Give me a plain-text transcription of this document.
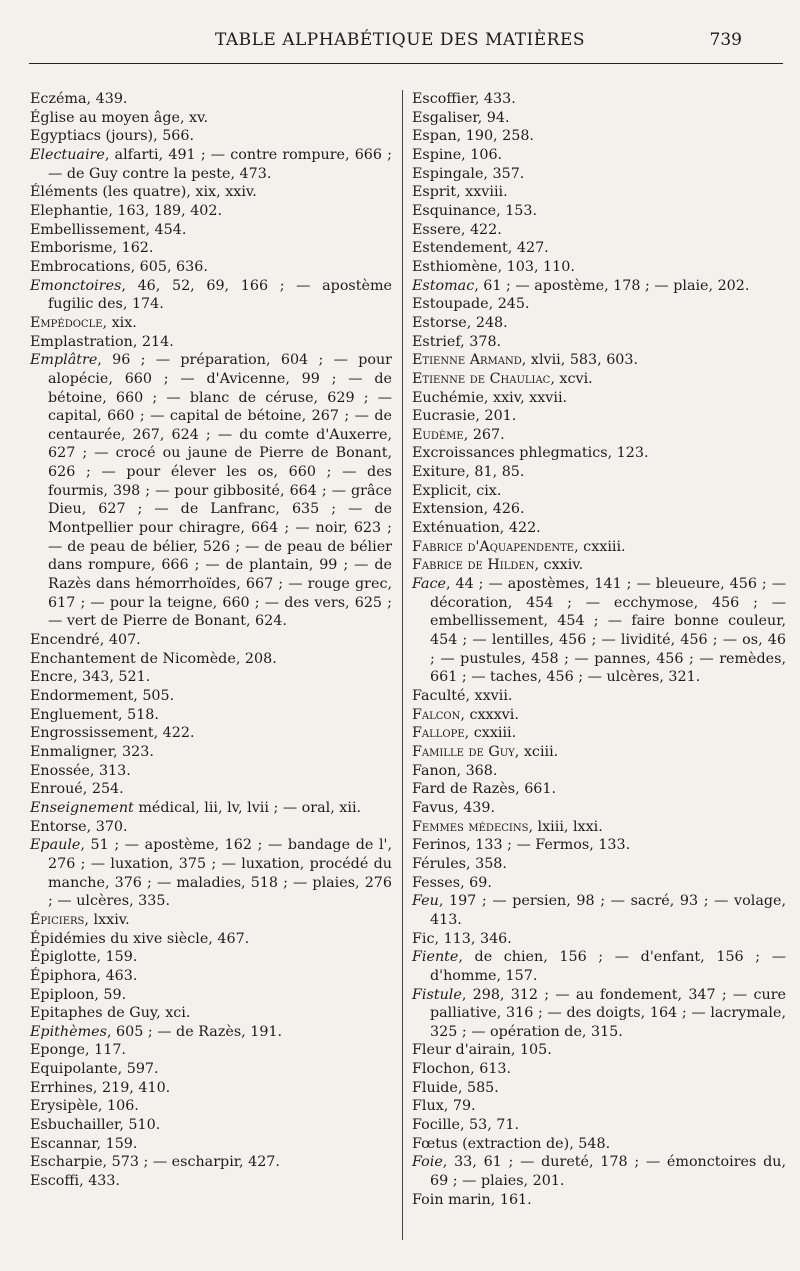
TABLE ALPHABÉTIQUE DES MATIÈRES	739
Eczéma, 439.
Église au moyen âge, xv.
Egyptiacs (jours), 566.
Electuaire, alfarti, 491 ; — contre rompure, 666 ; — de Guy contre la peste, 473.
Éléments (les quatre), xix, xxiv.
Elephantie, 163, 189, 402.
Embellissement, 454.
Emborisme, 162.
Embrocations, 605, 636.
Emonctoires, 46, 52, 69, 166 ; — apostème fugilic des, 174.
Empédocle, xix.
Emplastration, 214.
Emplâtre, 96 ; — préparation, 604 ; — pour alopécie, 660 ; — d'Avicenne, 99 ; — de bétoine, 660 ; — blanc de céruse, 629 ; — capital, 660 ; — capital de bétoine, 267 ; — de centaurée, 267, 624 ; — du comte d'Auxerre, 627 ; — crocé ou jaune de Pierre de Bonant, 626 ; — pour élever les os, 660 ; — des fourmis, 398 ; — pour gibbosité, 664 ; — grâce Dieu, 627 ; — de Lanfranc, 635 ; — de Montpellier pour chiragre, 664 ; — noir, 623 ; — de peau de bélier, 526 ; — de peau de bélier dans rompure, 666 ; — de plantain, 99 ; — de Razès dans hémorrhoïdes, 667 ; — rouge grec, 617 ; — pour la teigne, 660 ; — des vers, 625 ; — vert de Pierre de Bonant, 624.
Encendré, 407.
Enchantement de Nicomède, 208.
Encre, 343, 521.
Endormement, 505.
Engluement, 518.
Engrossissement, 422.
Enmaligner, 323.
Enossée, 313.
Enroué, 254.
Enseignement médical, lii, lv, lvii ; — oral, xii.
Entorse, 370.
Epaule, 51 ; — apostème, 162 ; — bandage de l', 276 ; — luxation, 375 ; — luxation, procédé du manche, 376 ; — maladies, 518 ; — plaies, 276 ; — ulcères, 335.
Épiciers, lxxiv.
Épidémies du xive siècle, 467.
Épiglotte, 159.
Épiphora, 463.
Epiploon, 59.
Epitaphes de Guy, xci.
Epithèmes, 605 ; — de Razès, 191.
Eponge, 117.
Equipolante, 597.
Errhines, 219, 410.
Erysipèle, 106.
Esbuchailler, 510.
Escannar, 159.
Escharpie, 573 ; — escharpir, 427.
Escoffi, 433.
Escoffier, 433.
Esgaliser, 94.
Espan, 190, 258.
Espine, 106.
Espingale, 357.
Esprit, xxviii.
Esquinance, 153.
Essere, 422.
Estendement, 427.
Esthiomène, 103, 110.
Estomac, 61 ; — apostème, 178 ; — plaie, 202.
Estoupade, 245.
Estorse, 248.
Estrief, 378.
Etienne Armand, xlvii, 583, 603.
Etienne de Chauliac, xcvi.
Euchémie, xxiv, xxvii.
Eucrasie, 201.
Eudème, 267.
Excroissances phlegmatics, 123.
Exiture, 81, 85.
Explicit, cix.
Extension, 426.
Exténuation, 422.
Fabrice d'Aquapendente, cxxiii.
Fabrice de Hilden, cxxiv.
Face, 44 ; — apostèmes, 141 ; — bleueure, 456 ; — décoration, 454 ; — ecchymose, 456 ; — embellissement, 454 ; — faire bonne couleur, 454 ; — lentilles, 456 ; — lividité, 456 ; — os, 46 ; — pustules, 458 ; — pannes, 456 ; — remèdes, 661 ; — taches, 456 ; — ulcères, 321.
Faculté, xxvii.
Falcon, cxxxvi.
Fallope, cxxiii.
Famille de Guy, xciii.
Fanon, 368.
Fard de Razès, 661.
Favus, 439.
Femmes médecins, lxiii, lxxi.
Ferinos, 133 ; — Fermos, 133.
Férules, 358.
Fesses, 69.
Feu, 197 ; — persien, 98 ; — sacré, 93 ; — volage, 413.
Fic, 113, 346.
Fiente, de chien, 156 ; — d'enfant, 156 ; — d'homme, 157.
Fistule, 298, 312 ; — au fondement, 347 ; — cure palliative, 316 ; — des doigts, 164 ; — lacrymale, 325 ; — opération de, 315.
Fleur d'airain, 105.
Flochon, 613.
Fluide, 585.
Flux, 79.
Focille, 53, 71.
Fœtus (extraction de), 548.
Foie, 33, 61 ; — dureté, 178 ; — émonctoires du, 69 ; — plaies, 201.
Foin marin, 161.
